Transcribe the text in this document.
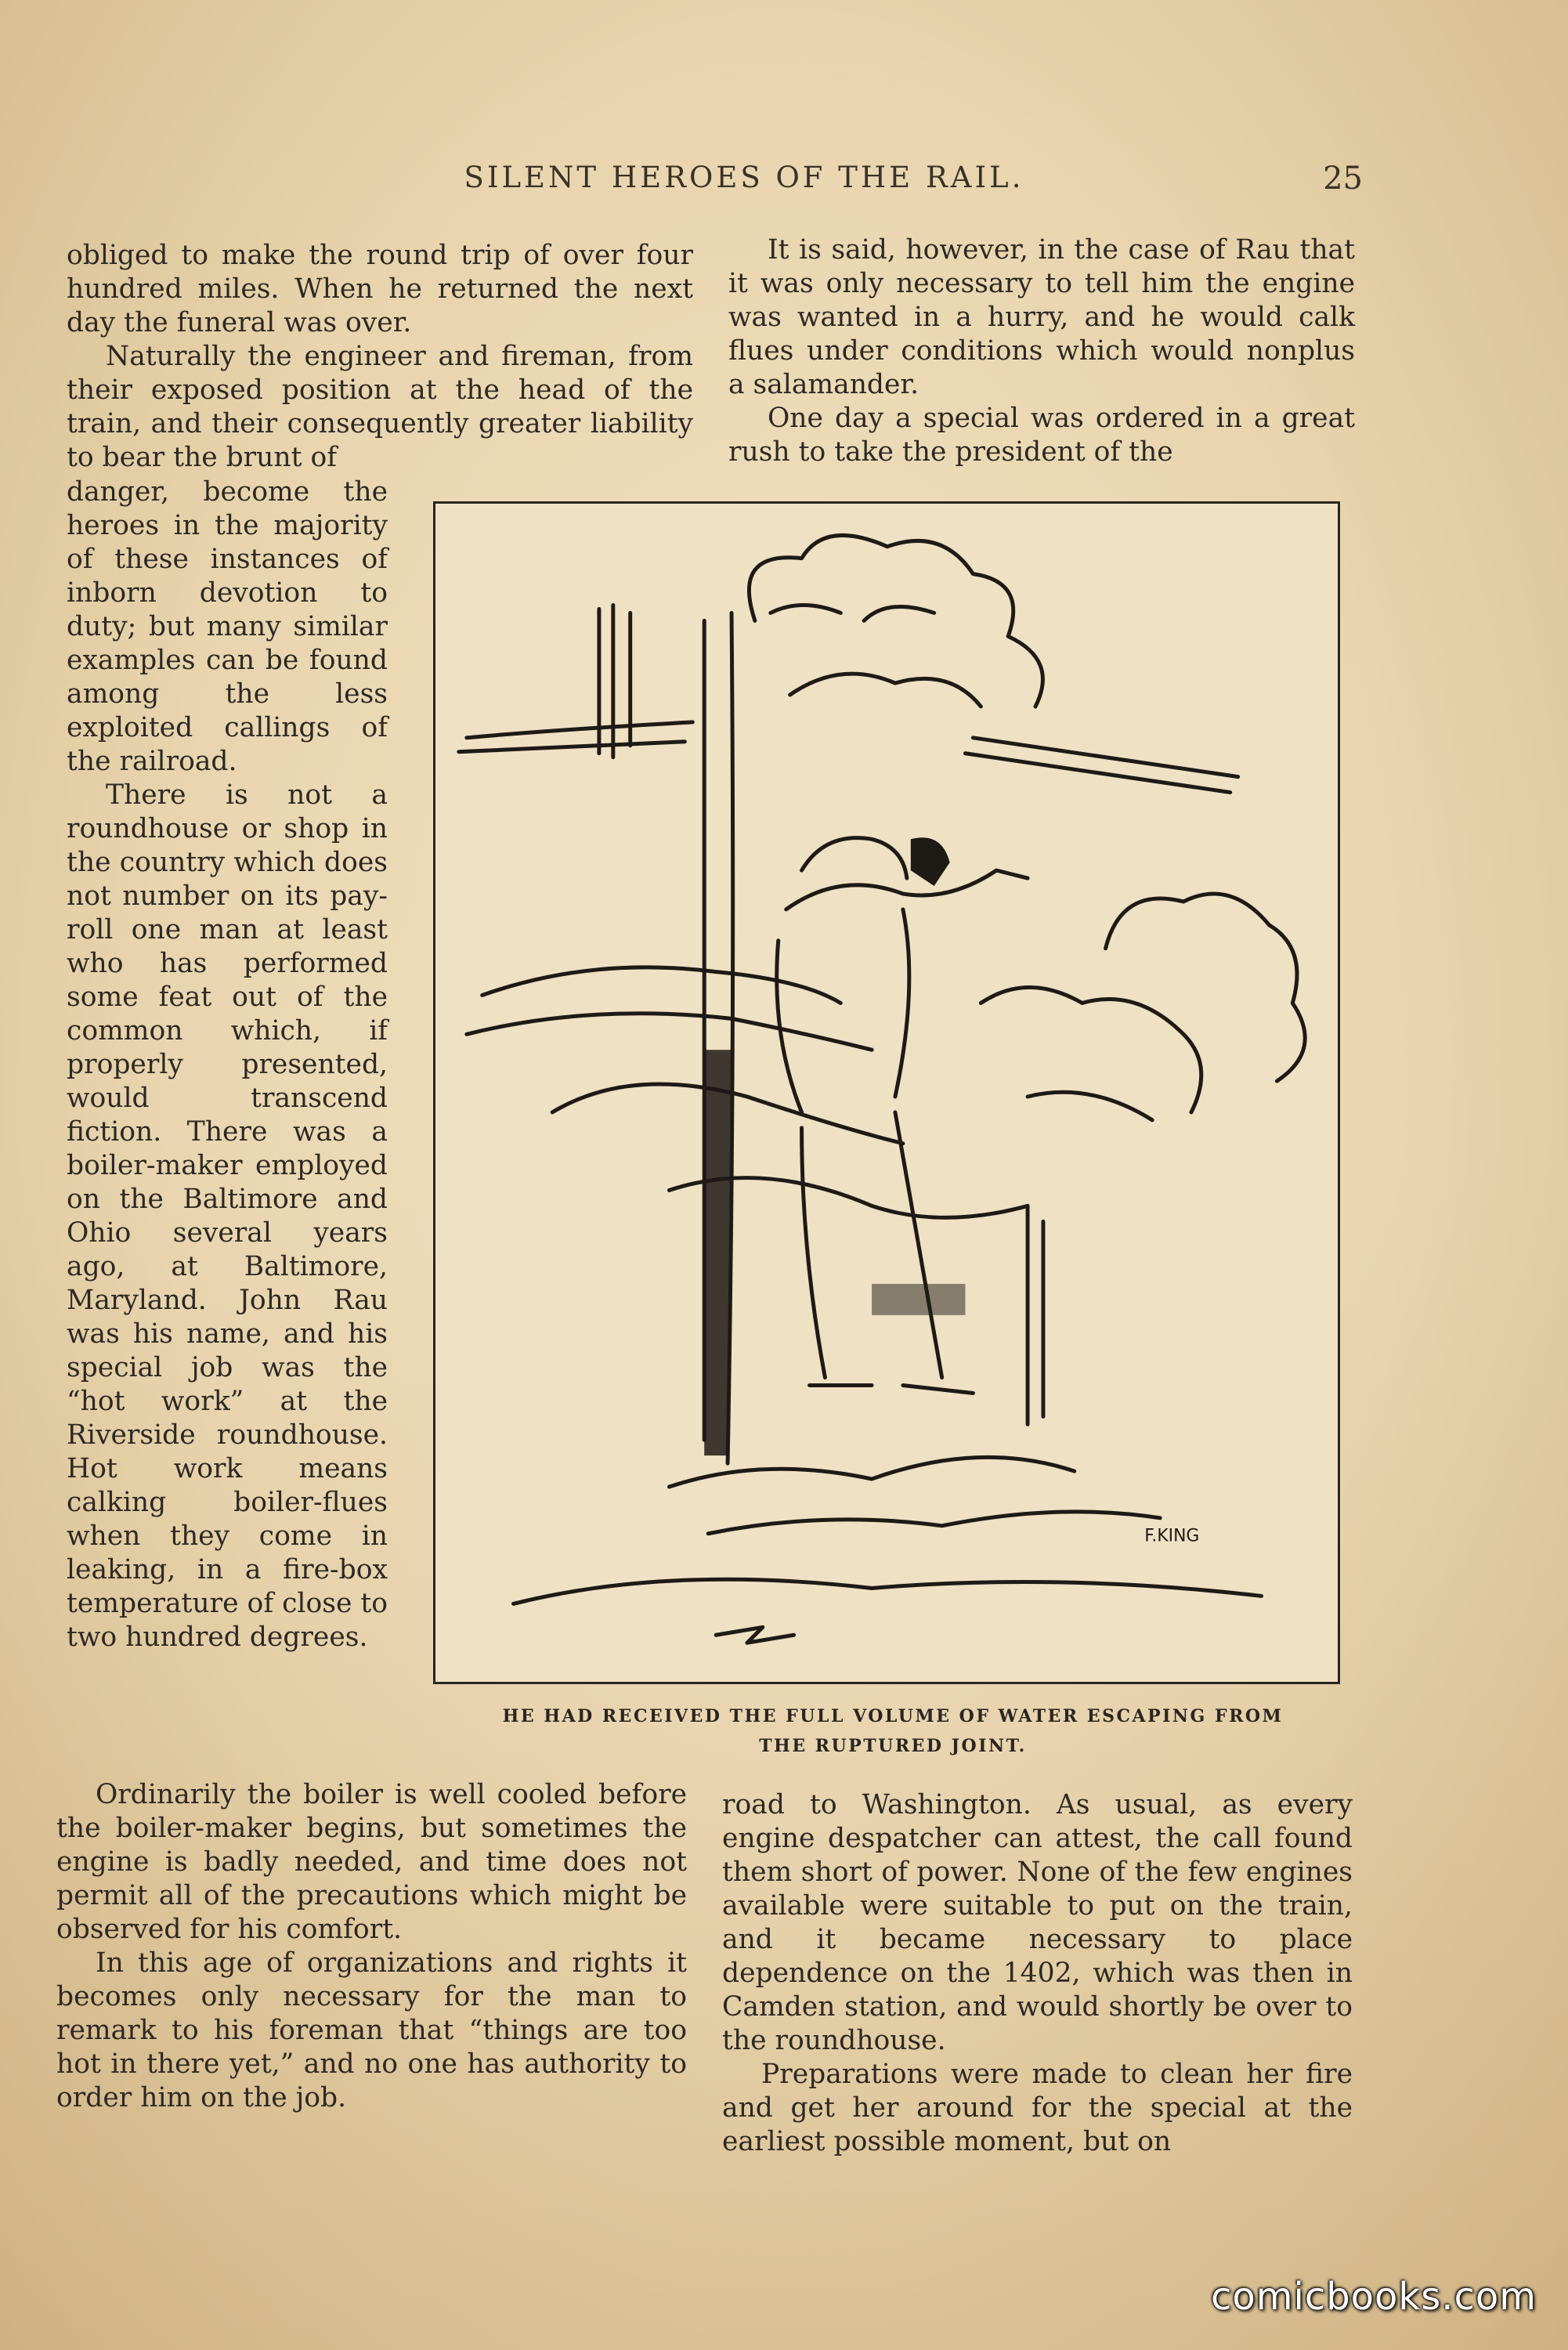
SILENT HEROES OF THE RAIL.	25

obliged to make the round trip of over four hundred miles. When he returned the next day the funeral was over.

Naturally the engineer and fireman, from their exposed position at the head of the train, and their consequently greater liability to bear the brunt of

It is said, however, in the case of Rau that it was only necessary to tell him the engine was wanted in a hurry, and he would calk flues under conditions which would nonplus a salamander.

One day a special was ordered in a great rush to take the president of the

danger, become the heroes in the majority of these instances of inborn devotion to duty; but many similar examples can be found among the less exploited callings of the railroad.

There is not a roundhouse or shop in the country which does not number on its pay-roll one man at least who has performed some feat out of the common which, if properly presented, would transcend fiction. There was a boiler-maker employed on the Baltimore and Ohio several years ago, at Baltimore, Maryland. John Rau was his name, and his special job was the “hot work” at the Riverside roundhouse. Hot work means calking boiler-flues when they come in leaking, in a fire-box temperature of close to two hundred degrees.

F.KING
HE HAD RECEIVED THE FULL VOLUME OF WATER ESCAPING FROM
THE RUPTURED JOINT.

Ordinarily the boiler is well cooled before the boiler-maker begins, but sometimes the engine is badly needed, and time does not permit all of the precautions which might be observed for his comfort.

In this age of organizations and rights it becomes only necessary for the man to remark to his foreman that “things are too hot in there yet,” and no one has authority to order him on the job.

road to Washington. As usual, as every engine despatcher can attest, the call found them short of power. None of the few engines available were suitable to put on the train, and it became necessary to place dependence on the 1402, which was then in Camden station, and would shortly be over to the roundhouse.

Preparations were made to clean her fire and get her around for the special at the earliest possible moment, but on

comicbooks.com
